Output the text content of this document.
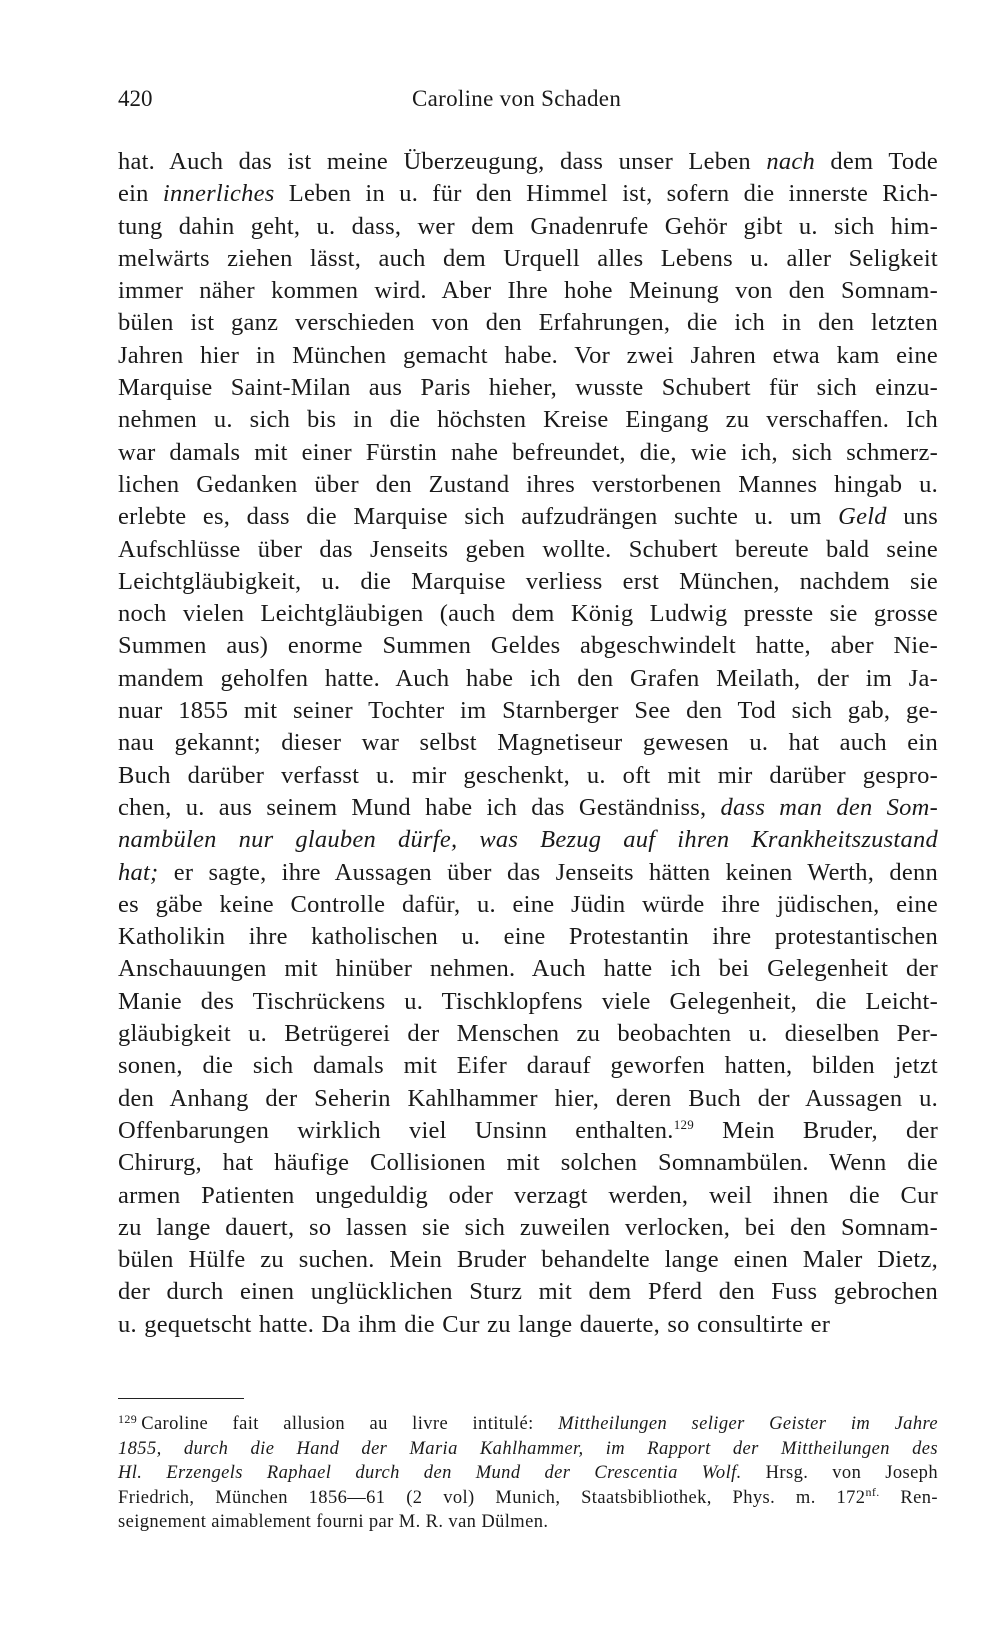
420	Caroline von Schaden
hat. Auch das ist meine Überzeugung, dass unser Leben nach dem Tode
ein innerliches Leben in u. für den Himmel ist, sofern die innerste Rich-
tung dahin geht, u. dass, wer dem Gnadenrufe Gehör gibt u. sich him-
melwärts ziehen lässt, auch dem Urquell alles Lebens u. aller Seligkeit
immer näher kommen wird. Aber Ihre hohe Meinung von den Somnam-
bülen ist ganz verschieden von den Erfahrungen, die ich in den letzten
Jahren hier in München gemacht habe. Vor zwei Jahren etwa kam eine
Marquise Saint-Milan aus Paris hieher, wusste Schubert für sich einzu-
nehmen u. sich bis in die höchsten Kreise Eingang zu verschaffen. Ich
war damals mit einer Fürstin nahe befreundet, die, wie ich, sich schmerz-
lichen Gedanken über den Zustand ihres verstorbenen Mannes hingab u.
erlebte es, dass die Marquise sich aufzudrängen suchte u. um Geld uns
Aufschlüsse über das Jenseits geben wollte. Schubert bereute bald seine
Leichtgläubigkeit, u. die Marquise verliess erst München, nachdem sie
noch vielen Leichtgläubigen (auch dem König Ludwig presste sie grosse
Summen aus) enorme Summen Geldes abgeschwindelt hatte, aber Nie-
mandem geholfen hatte. Auch habe ich den Grafen Meilath, der im Ja-
nuar 1855 mit seiner Tochter im Starnberger See den Tod sich gab, ge-
nau gekannt; dieser war selbst Magnetiseur gewesen u. hat auch ein
Buch darüber verfasst u. mir geschenkt, u. oft mit mir darüber gespro-
chen, u. aus seinem Mund habe ich das Geständniss, dass man den Som-
nambülen nur glauben dürfe, was Bezug auf ihren Krankheitszustand
hat; er sagte, ihre Aussagen über das Jenseits hätten keinen Werth, denn
es gäbe keine Controlle dafür, u. eine Jüdin würde ihre jüdischen, eine
Katholikin ihre katholischen u. eine Protestantin ihre protestantischen
Anschauungen mit hinüber nehmen. Auch hatte ich bei Gelegenheit der
Manie des Tischrückens u. Tischklopfens viele Gelegenheit, die Leicht-
gläubigkeit u. Betrügerei der Menschen zu beobachten u. dieselben Per-
sonen, die sich damals mit Eifer darauf geworfen hatten, bilden jetzt
den Anhang der Seherin Kahlhammer hier, deren Buch der Aussagen u.
Offenbarungen wirklich viel Unsinn enthalten.$^{129}$ Mein Bruder, der
Chirurg, hat häufige Collisionen mit solchen Somnambülen. Wenn die
armen Patienten ungeduldig oder verzagt werden, weil ihnen die Cur
zu lange dauert, so lassen sie sich zuweilen verlocken, bei den Somnam-
bülen Hülfe zu suchen. Mein Bruder behandelte lange einen Maler Dietz,
der durch einen unglücklichen Sturz mit dem Pferd den Fuss gebrochen
u. gequetscht hatte. Da ihm die Cur zu lange dauerte, so consultirte er
$^{129}$ Caroline fait allusion au livre intitulé: Mittheilungen seliger Geister im Jahre
1855, durch die Hand der Maria Kahlhammer, im Rapport der Mittheilungen des
Hl. Erzengels Raphael durch den Mund der Crescentia Wolf. Hrsg. von Joseph
Friedrich, München 1856—61 (2 vol) Munich, Staatsbibliothek, Phys. m. $172^{nf.}$ Ren-
seignement aimablement fourni par M. R. van Dülmen.
